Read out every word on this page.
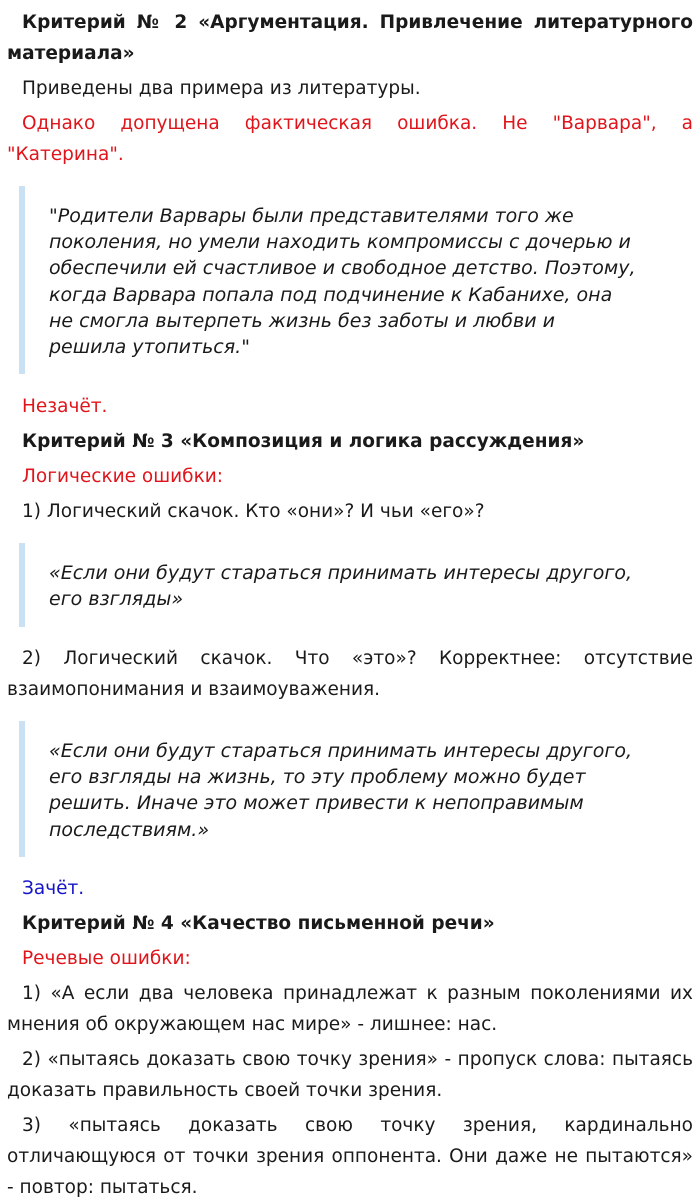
Критерий № 2 «Аргументация. Привлечение литературного материала»

Приведены два примера из литературы.

Однако допущена фактическая ошибка. Не "Варвара", а "Катерина".

"Родители Варвары были представителями того же
поколения, но умели находить компромиссы с дочерью и
обеспечили ей счастливое и свободное детство. Поэтому,
когда Варвара попала под подчинение к Кабанихе, она
не смогла вытерпеть жизнь без заботы и любви и
решила утопиться."

Незачёт.

Критерий № 3 «Композиция и логика рассуждения»

Логические ошибки:

1) Логический скачок. Кто «они»? И чьи «его»?

«Если они будут стараться принимать интересы другого,
его взгляды»

2) Логический скачок. Что «это»? Корректнее: отсутствие взаимопонимания и взаимоуважения.

«Если они будут стараться принимать интересы другого,
его взгляды на жизнь, то эту проблему можно будет
решить. Иначе это может привести к непоправимым
последствиям.»

Зачёт.

Критерий № 4 «Качество письменной речи»

Речевые ошибки:

1) «А если два человека принадлежат к разным поколениями их мнения об окружающем нас мире» - лишнее: нас.

2) «пытаясь доказать свою точку зрения» - пропуск слова: пытаясь доказать правильность своей точки зрения.

3) «пытаясь доказать свою точку зрения, кардинально отличающуюся от точки зрения оппонента. Они даже не пытаются» - повтор: пытаться.
